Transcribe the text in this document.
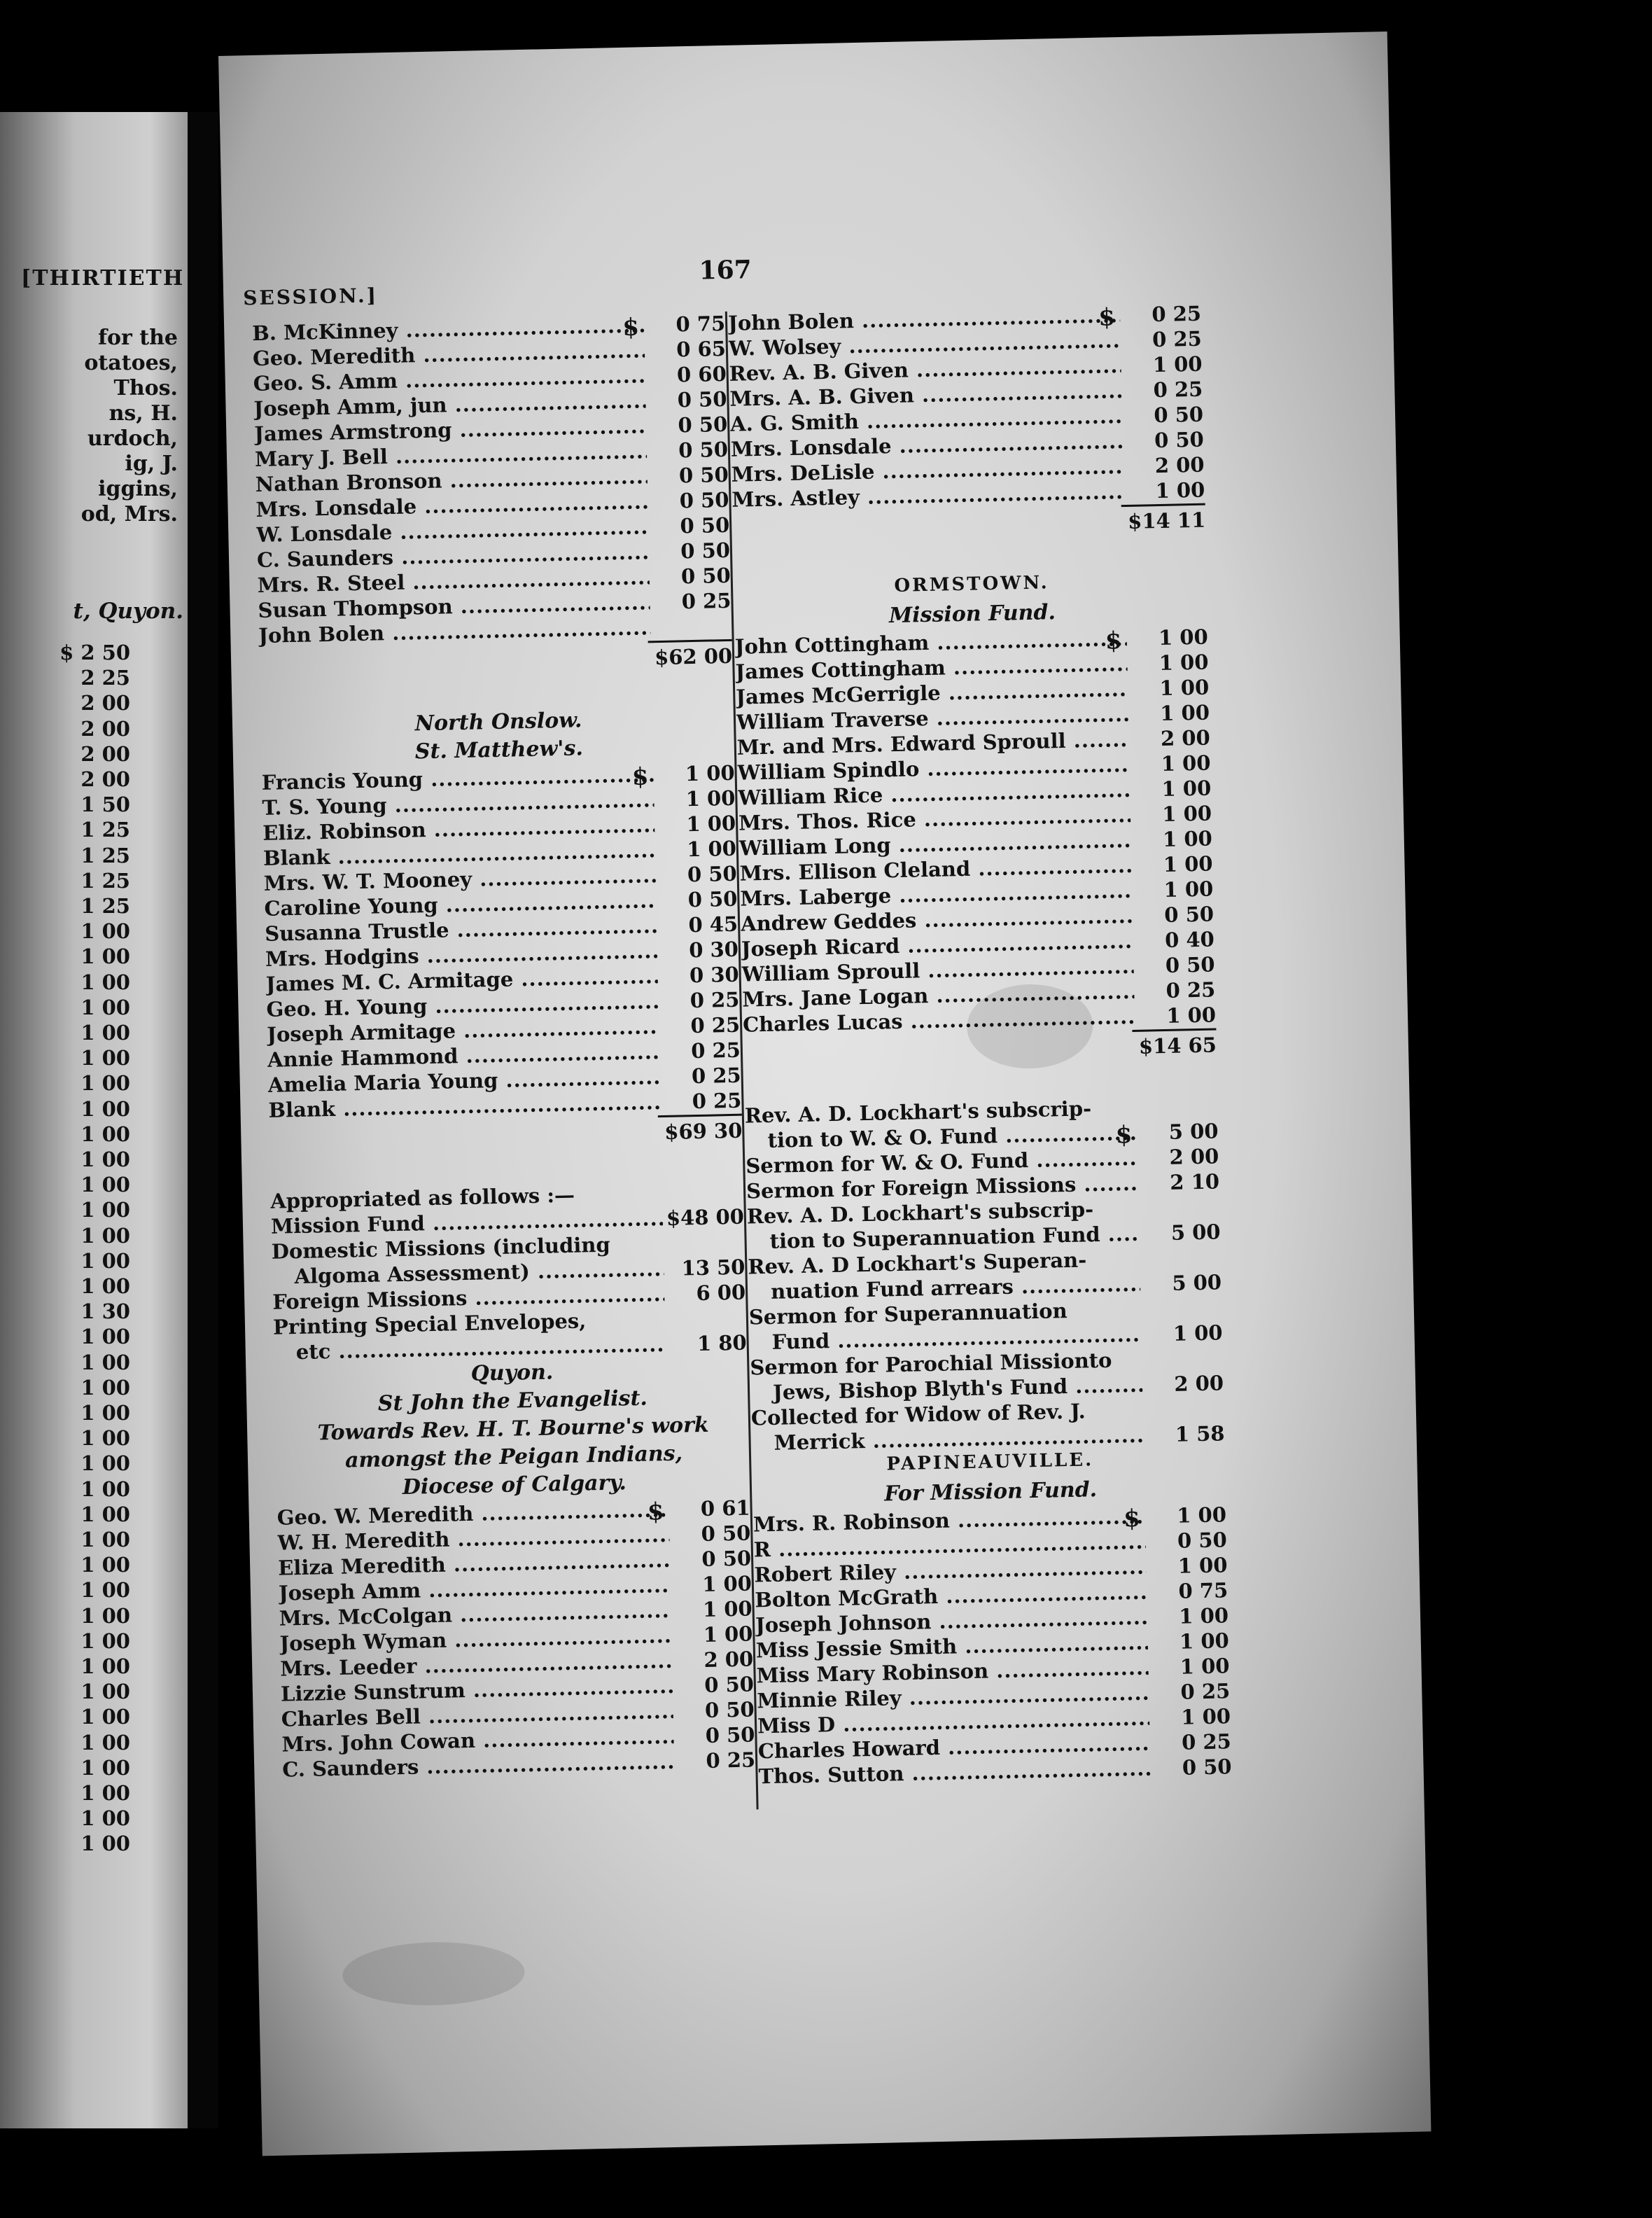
[THIRTIETH
for the
otatoes,
Thos.
ns, H.
urdoch,
ig, J.
iggins,
od, Mrs.
t, Quyon.
$ 2 50
2 25
2 00
2 00
2 00
2 00
1 50
1 25
1 25
1 25
1 25
1 00
1 00
1 00
1 00
1 00
1 00
1 00
1 00
1 00
1 00
1 00
1 00
1 00
1 00
1 00
1 30
1 00
1 00
1 00
1 00
1 00
1 00
1 00
1 00
1 00
1 00
1 00
1 00
1 00
1 00
1 00
1 00
1 00
1 00
1 00
1 00
1 00
SESSION.]
167
B. McKinney .....	$	0 75
Geo. Meredith .....	0 65
Geo. S. Amm .....	0 60
Joseph Amm, jun .....	0 50
James Armstrong .....	0 50
Mary J. Bell .....	0 50
Nathan Bronson .....	0 50
Mrs. Lonsdale .....	0 50
W. Lonsdale .....	0 50
C. Saunders .....	0 50
Mrs. R. Steel .....	0 50
Susan Thompson .....	0 25
John Bolen .....
$62 00
North Onslow.
St. Matthew's.
Francis Young .....	$	1 00
T. S. Young .....	1 00
Eliz. Robinson .....	1 00
Blank .....	1 00
Mrs. W. T. Mooney .....	0 50
Caroline Young .....	0 50
Susanna Trustle .....	0 45
Mrs. Hodgins .....	0 30
James M. C. Armitage .....	0 30
Geo. H. Young .....	0 25
Joseph Armitage .....	0 25
Annie Hammond .....	0 25
Amelia Maria Young .....	0 25
Blank .....	0 25
$69 30
Appropriated as follows :—
Mission Fund .....	$48 00
Domestic Missions (including
Algoma Assessment) .....	13 50
Foreign Missions .....	6 00
Printing Special Envelopes,
etc .....	1 80
Quyon.
St John the Evangelist.
Towards Rev. H. T. Bourne's work
amongst the Peigan Indians,
Diocese of Calgary.
Geo. W. Meredith .....	$	0 61
W. H. Meredith .....	0 50
Eliza Meredith .....	0 50
Joseph Amm .....	1 00
Mrs. McColgan .....	1 00
Joseph Wyman .....	1 00
Mrs. Leeder .....	2 00
Lizzie Sunstrum .....	0 50
Charles Bell .....	0 50
Mrs. John Cowan .....	0 50
C. Saunders .....	0 25
John Bolen .....	$	0 25
W. Wolsey .....	0 25
Rev. A. B. Given .....	1 00
Mrs. A. B. Given .....	0 25
A. G. Smith .....	0 50
Mrs. Lonsdale .....	0 50
Mrs. DeLisle .....	2 00
Mrs. Astley .....	1 00
$14 11
ORMSTOWN.
Mission Fund.
John Cottingham .....	$	1 00
James Cottingham .....	1 00
James McGerrigle .....	1 00
William Traverse .....	1 00
Mr. and Mrs. Edward Sproull .....	2 00
William Spindlo .....	1 00
William Rice .....	1 00
Mrs. Thos. Rice .....	1 00
William Long .....	1 00
Mrs. Ellison Cleland .....	1 00
Mrs. Laberge .....	1 00
Andrew Geddes .....	0 50
Joseph Ricard .....	0 40
William Sproull .....	0 50
Mrs. Jane Logan .....	0 25
Charles Lucas .....	1 00
$14 65
Rev. A. D. Lockhart's subscrip-
tion to W. & O. Fund .....	$	5 00
Sermon for W. & O. Fund .....	2 00
Sermon for Foreign Missions .....	2 10
Rev. A. D. Lockhart's subscrip-
tion to Superannuation Fund .....	5 00
Rev. A. D Lockhart's Superan-
nuation Fund arrears .....	5 00
Sermon for Superannuation
Fund .....	1 00
Sermon for Parochial Missionto
Jews, Bishop Blyth's Fund .....	2 00
Collected for Widow of Rev. J.
Merrick .....	1 58
PAPINEAUVILLE.
For Mission Fund.
Mrs. R. Robinson .....	$	1 00
R .....	0 50
Robert Riley .....	1 00
Bolton McGrath .....	0 75
Joseph Johnson .....	1 00
Miss Jessie Smith .....	1 00
Miss Mary Robinson .....	1 00
Minnie Riley .....	0 25
Miss D .....	1 00
Charles Howard .....	0 25
Thos. Sutton .....	0 50
